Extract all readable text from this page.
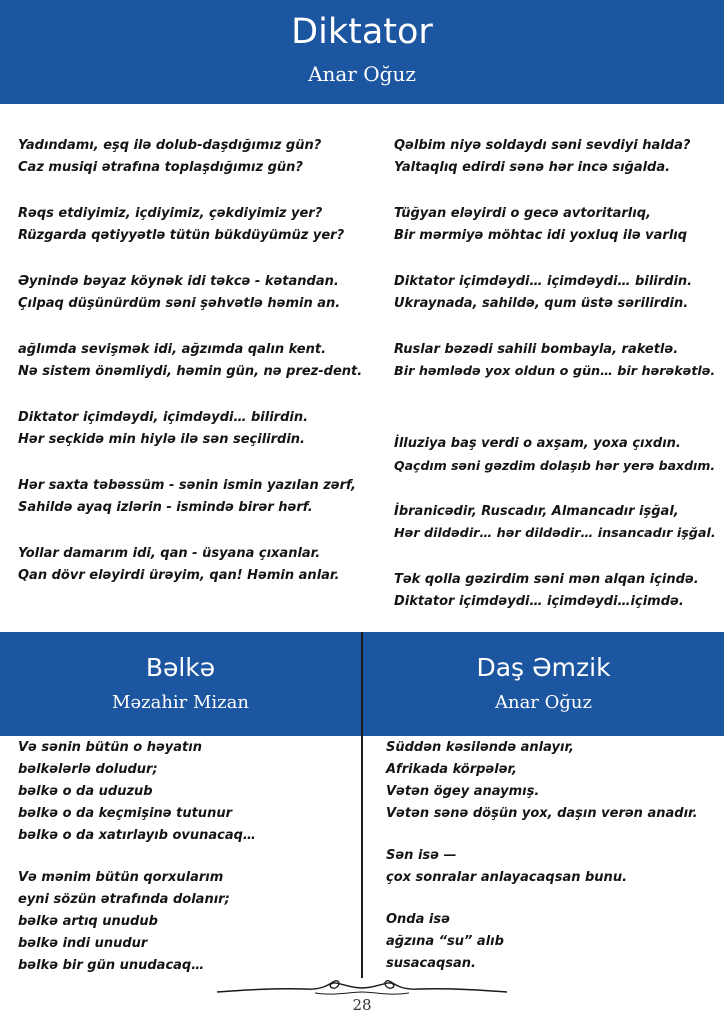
Diktator
Anar Oğuz
Yadındamı, eşq ilə dolub-daşdığımız gün?
Caz musiqi ətrafına toplaşdığımız gün?
Rəqs etdiyimiz, içdiyimiz, çəkdiyimiz yer?
Rüzgarda qətiyyətlə tütün bükdüyümüz yer?
Əynində bəyaz köynək idi təkcə - kətandan.
Çılpaq düşünürdüm səni şəhvətlə həmin an.
ağlımda sevişmək idi, ağzımda qalın kent.
Nə sistem önəmliydi, həmin gün, nə prez-dent.
Diktator içimdəydi, içimdəydi… bilirdin.
Hər seçkidə min hiylə ilə sən seçilirdin.
Hər saxta təbəssüm - sənin ismin yazılan zərf,
Sahildə ayaq izlərin - ismində birər hərf.
Yollar damarım idi, qan - üsyana çıxanlar.
Qan dövr eləyirdi ürəyim, qan! Həmin anlar.
Qəlbim niyə soldaydı səni sevdiyi halda?
Yaltaqlıq edirdi sənə hər incə sığalda.
Tüğyan eləyirdi o gecə avtoritarlıq,
Bir mərmiyə möhtac idi yoxluq ilə varlıq
Diktator içimdəydi… içimdəydi… bilirdin.
Ukraynada, sahildə, qum üstə sərilirdin.
Ruslar bəzədi sahili bombayla, raketlə.
Bir həmlədə yox oldun o gün… bir hərəkətlə.
İlluziya baş verdi o axşam, yoxa çıxdın.
Qaçdım səni gəzdim dolaşıb hər yerə baxdım.
İbranicədir, Ruscadır, Almancadır işğal,
Hər dildədir… hər dildədir… insancadır işğal.
Tək qolla gəzirdim səni mən alqan içində.
Diktator içimdəydi… içimdəydi…içimdə.
Bəlkə
Məzahir Mizan
Daş Əmzik
Anar Oğuz
Və sənin bütün o həyatın
bəlkələrlə doludur;
bəlkə o da uduzub
bəlkə o da keçmişinə tutunur
bəlkə o da xatırlayıb ovunacaq…
Və mənim bütün qorxularım
eyni sözün ətrafında dolanır;
bəlkə artıq unudub
bəlkə indi unudur
bəlkə bir gün unudacaq…
Süddən kəsiləndə anlayır,
Afrikada körpələr,
Vətən ögey anaymış.
Vətən sənə döşün yox, daşın verən anadır.
Sən isə —
çox sonralar anlayacaqsan bunu.
Onda isə
ağzına “su” alıb
susacaqsan.
28
